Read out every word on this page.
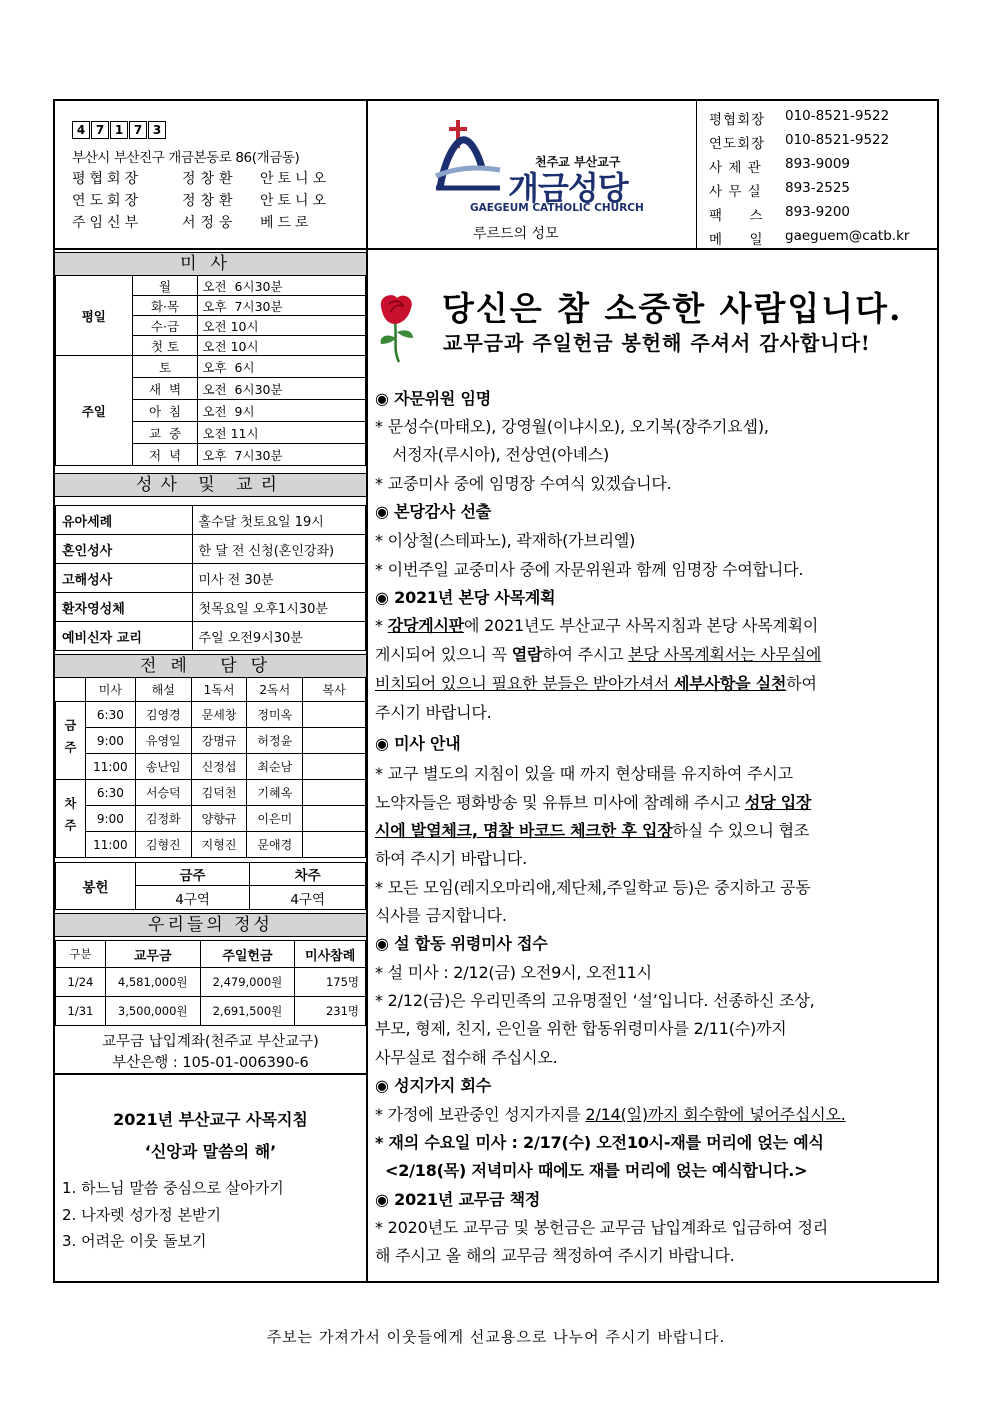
4 7 1 7 3
부산시 부산진구 개금본동로 86(개금동)
평협회장	정창환	안토니오
연도회장	정창환	안토니오
주임신부	서정웅	베드로
천주교 부산교구
개금성당
GAEGEUM CATHOLIC CHURCH
루르드의 성모
평협회장	010-8521-9522
연도회장	010-8521-9522
사 제 관	893-9009
사 무 실	893-2525
팩     스	893-9200
메     일	gaeguem@catb.kr
미사
평일	월	오전  6시30분
	화·목	오후  7시30분
	수·금	오전 10시
	첫 토	오전 10시
주일	토	오후  6시
	새  벽	오전  6시30분
	아  침	오전  9시
	교  중	오전 11시
	저  녁	오후  7시30분
성사 및 교리
유아세례	홀수달 첫토요일 19시
혼인성사	한 달 전 신청(혼인강좌)
고해성사	미사 전 30분
환자영성체	첫목요일 오후1시30분
예비신자 교리	주일 오전9시30분
전례 담당
	미사	해설	1독서	2독서	복사
금주	6:30	김영경	문세창	정미옥	
	9:00	유영일	강명규	허정윤	
	11:00	송난임	신정섭	최순남	
차주	6:30	서승덕	김덕천	기혜옥	
	9:00	김정화	양향규	이은미	
	11:00	김형진	지형진	문애경	
봉헌	금주	차주
	4구역	4구역
우리들의 정성
구분	교무금	주일헌금	미사참례
1/24	4,581,000원	2,479,000원	175명
1/31	3,500,000원	2,691,500원	231명
교무금 납입계좌(천주교 부산교구)
부산은행 : 105-01-006390-6
2021년 부산교구 사목지침
‘신앙과 말씀의 해’
1. 하느님 말씀 중심으로 살아가기
2. 나자렛 성가정 본받기
3. 어려운 이웃 돌보기
당신은 참 소중한 사람입니다.
교무금과 주일헌금 봉헌해 주셔서 감사합니다!
◉ 자문위원 임명
* 문성수(마태오), 강영월(이냐시오), 오기복(장주기요셉),
서정자(루시아), 전상연(아녜스)
* 교중미사 중에 임명장 수여식 있겠습니다.
◉ 본당감사 선출
* 이상철(스테파노), 곽재하(가브리엘)
* 이번주일 교중미사 중에 자문위원과 함께 임명장 수여합니다.
◉ 2021년 본당 사목계획
* 강당게시판에 2021년도 부산교구 사목지침과 본당 사목계획이
게시되어 있으니 꼭 열람하여 주시고 본당 사목계획서는 사무실에
비치되어 있으니 필요한 분들은 받아가셔서 세부사항을 실천하여
주시기 바랍니다.
◉ 미사 안내
* 교구 별도의 지침이 있을 때 까지 현상태를 유지하여 주시고
노약자들은 평화방송 및 유튜브 미사에 참례해 주시고 성당 입장
시에 발열체크, 명찰 바코드 체크한 후 입장하실 수 있으니 협조
하여 주시기 바랍니다.
* 모든 모임(레지오마리애,제단체,주일학교 등)은 중지하고 공동
식사를 금지합니다.
◉ 설 합동 위령미사 접수
* 설 미사 : 2/12(금) 오전9시, 오전11시
* 2/12(금)은 우리민족의 고유명절인 ‘설’입니다. 선종하신 조상,
부모, 형제, 친지, 은인을 위한 합동위령미사를 2/11(수)까지
사무실로 접수해 주십시오.
◉ 성지가지 회수
* 가정에 보관중인 성지가지를 2/14(일)까지 회수함에 넣어주십시오.
* 재의 수요일 미사 : 2/17(수) 오전10시-재를 머리에 얹는 예식
<2/18(목) 저녁미사 때에도 재를 머리에 얹는 예식합니다.>
◉ 2021년 교무금 책정
* 2020년도 교무금 및 봉헌금은 교무금 납입계좌로 입금하여 정리
해 주시고 올 해의 교무금 책정하여 주시기 바랍니다.
주보는 가져가서 이웃들에게 선교용으로 나누어 주시기 바랍니다.
